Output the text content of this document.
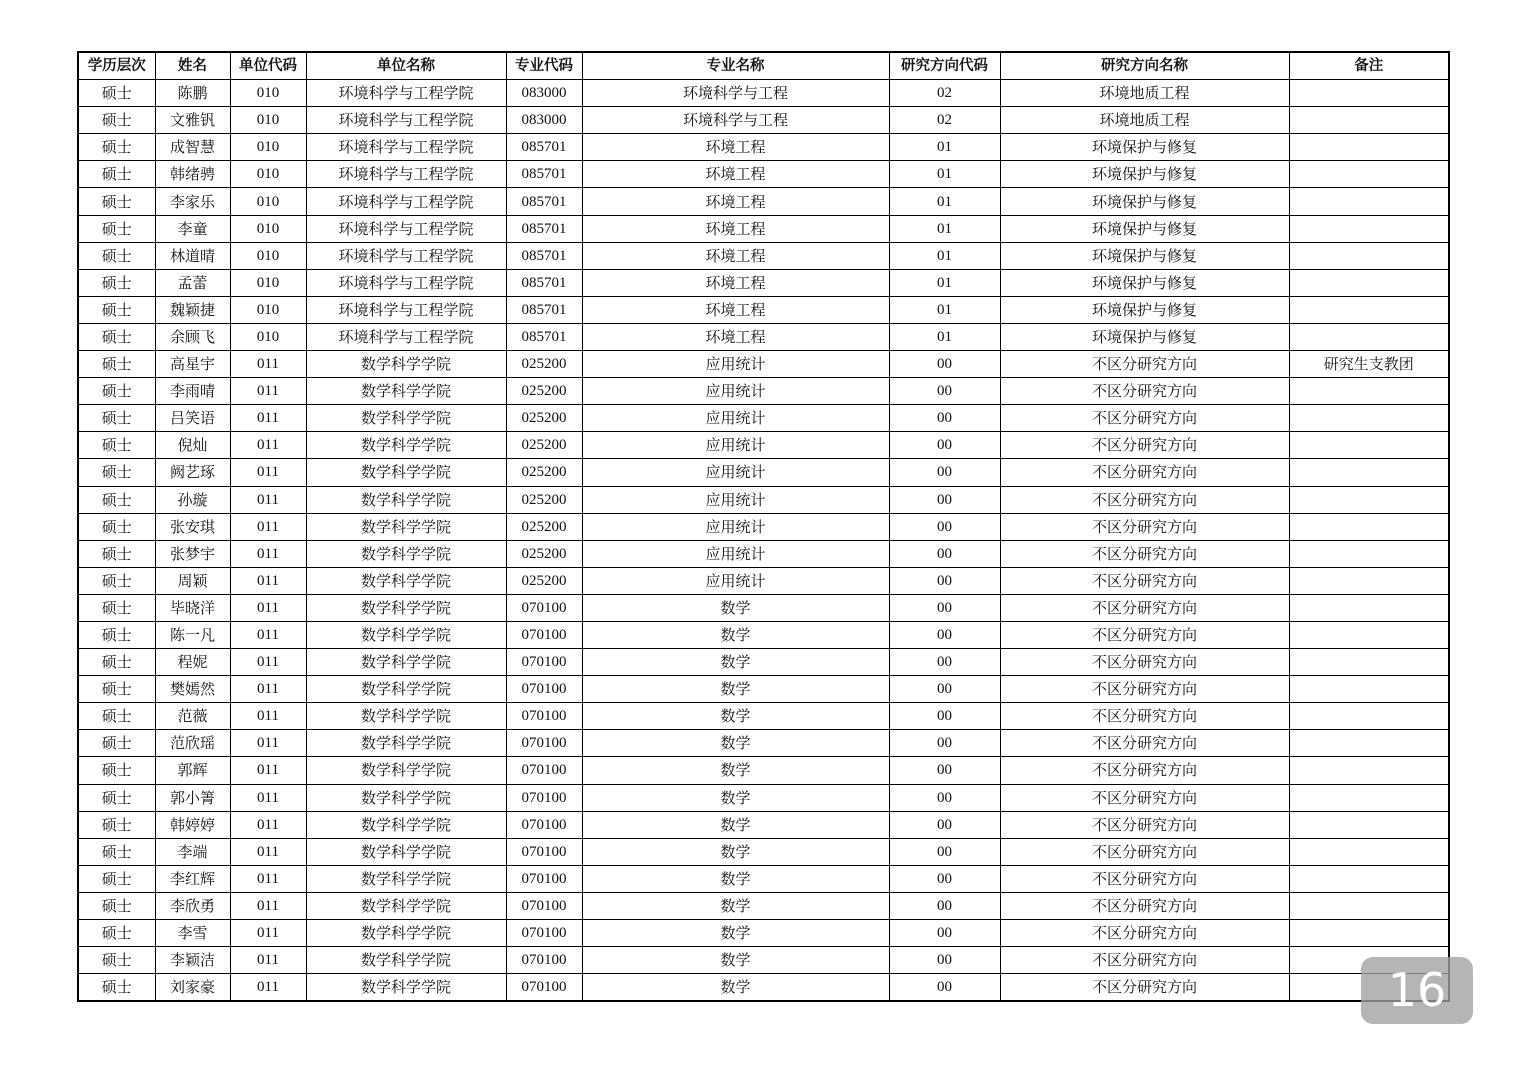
学历层次	姓名	单位代码	单位名称	专业代码	专业名称	研究方向代码	研究方向名称	备注
硕士	陈鹏	010	环境科学与工程学院	083000	环境科学与工程	02	环境地质工程	
硕士	文雅钒	010	环境科学与工程学院	083000	环境科学与工程	02	环境地质工程	
硕士	成智慧	010	环境科学与工程学院	085701	环境工程	01	环境保护与修复	
硕士	韩绪骋	010	环境科学与工程学院	085701	环境工程	01	环境保护与修复	
硕士	李家乐	010	环境科学与工程学院	085701	环境工程	01	环境保护与修复	
硕士	李童	010	环境科学与工程学院	085701	环境工程	01	环境保护与修复	
硕士	林道晴	010	环境科学与工程学院	085701	环境工程	01	环境保护与修复	
硕士	孟蕾	010	环境科学与工程学院	085701	环境工程	01	环境保护与修复	
硕士	魏颖捷	010	环境科学与工程学院	085701	环境工程	01	环境保护与修复	
硕士	余顾飞	010	环境科学与工程学院	085701	环境工程	01	环境保护与修复	
硕士	高星宇	011	数学科学学院	025200	应用统计	00	不区分研究方向	研究生支教团
硕士	李雨晴	011	数学科学学院	025200	应用统计	00	不区分研究方向	
硕士	吕笑语	011	数学科学学院	025200	应用统计	00	不区分研究方向	
硕士	倪灿	011	数学科学学院	025200	应用统计	00	不区分研究方向	
硕士	阙艺琢	011	数学科学学院	025200	应用统计	00	不区分研究方向	
硕士	孙璇	011	数学科学学院	025200	应用统计	00	不区分研究方向	
硕士	张安琪	011	数学科学学院	025200	应用统计	00	不区分研究方向	
硕士	张梦宇	011	数学科学学院	025200	应用统计	00	不区分研究方向	
硕士	周颖	011	数学科学学院	025200	应用统计	00	不区分研究方向	
硕士	毕晓洋	011	数学科学学院	070100	数学	00	不区分研究方向	
硕士	陈一凡	011	数学科学学院	070100	数学	00	不区分研究方向	
硕士	程妮	011	数学科学学院	070100	数学	00	不区分研究方向	
硕士	樊嫣然	011	数学科学学院	070100	数学	00	不区分研究方向	
硕士	范薇	011	数学科学学院	070100	数学	00	不区分研究方向	
硕士	范欣瑶	011	数学科学学院	070100	数学	00	不区分研究方向	
硕士	郭辉	011	数学科学学院	070100	数学	00	不区分研究方向	
硕士	郭小箐	011	数学科学学院	070100	数学	00	不区分研究方向	
硕士	韩婷婷	011	数学科学学院	070100	数学	00	不区分研究方向	
硕士	李端	011	数学科学学院	070100	数学	00	不区分研究方向	
硕士	李红辉	011	数学科学学院	070100	数学	00	不区分研究方向	
硕士	李欣勇	011	数学科学学院	070100	数学	00	不区分研究方向	
硕士	李雪	011	数学科学学院	070100	数学	00	不区分研究方向	
硕士	李颖洁	011	数学科学学院	070100	数学	00	不区分研究方向	
硕士	刘家豪	011	数学科学学院	070100	数学	00	不区分研究方向		16
